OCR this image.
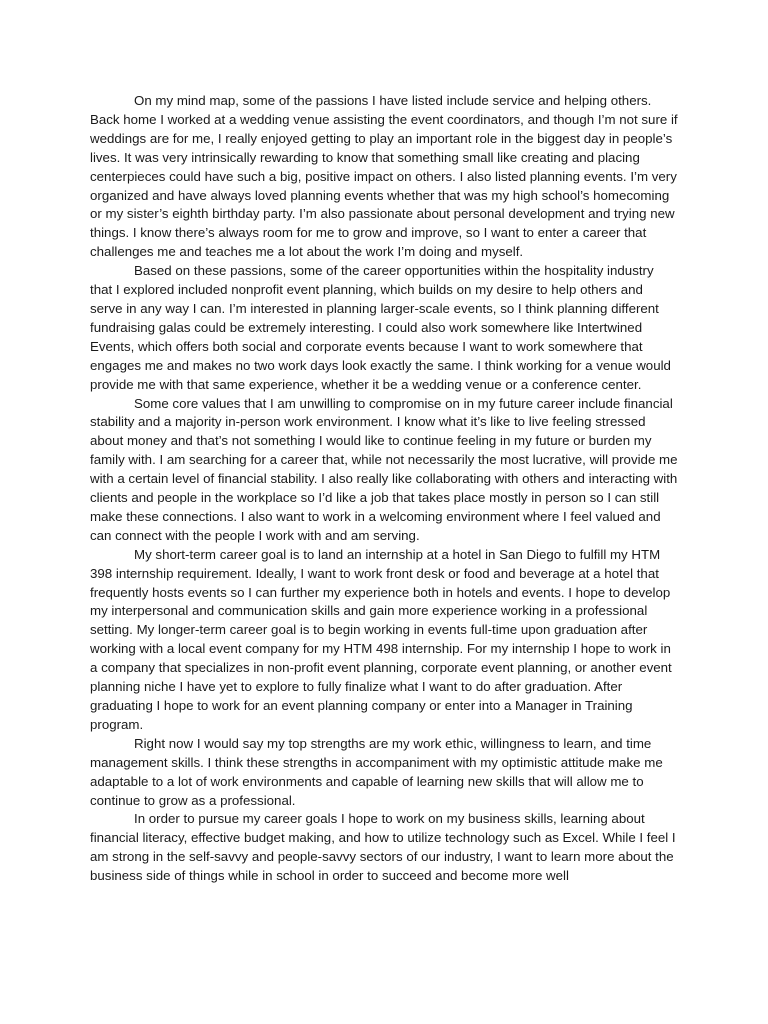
On my mind map, some of the passions I have listed include service and helping others. Back home I worked at a wedding venue assisting the event coordinators, and though I’m not sure if weddings are for me, I really enjoyed getting to play an important role in the biggest day in people’s lives. It was very intrinsically rewarding to know that something small like creating and placing centerpieces could have such a big, positive impact on others. I also listed planning events. I’m very organized and have always loved planning events whether that was my high school’s homecoming or my sister’s eighth birthday party. I’m also passionate about personal development and trying new things. I know there’s always room for me to grow and improve, so I want to enter a career that challenges me and teaches me a lot about the work I’m doing and myself.

Based on these passions, some of the career opportunities within the hospitality industry that I explored included nonprofit event planning, which builds on my desire to help others and serve in any way I can. I’m interested in planning larger-scale events, so I think planning different fundraising galas could be extremely interesting. I could also work somewhere like Intertwined Events, which offers both social and corporate events because I want to work somewhere that engages me and makes no two work days look exactly the same. I think working for a venue would provide me with that same experience, whether it be a wedding venue or a conference center.

Some core values that I am unwilling to compromise on in my future career include financial stability and a majority in-person work environment. I know what it’s like to live feeling stressed about money and that’s not something I would like to continue feeling in my future or burden my family with. I am searching for a career that, while not necessarily the most lucrative, will provide me with a certain level of financial stability. I also really like collaborating with others and interacting with clients and people in the workplace so I’d like a job that takes place mostly in person so I can still make these connections. I also want to work in a welcoming environment where I feel valued and can connect with the people I work with and am serving.

My short-term career goal is to land an internship at a hotel in San Diego to fulfill my HTM 398 internship requirement. Ideally, I want to work front desk or food and beverage at a hotel that frequently hosts events so I can further my experience both in hotels and events. I hope to develop my interpersonal and communication skills and gain more experience working in a professional setting. My longer-term career goal is to begin working in events full-time upon graduation after working with a local event company for my HTM 498 internship. For my internship I hope to work in a company that specializes in non-profit event planning, corporate event planning, or another event planning niche I have yet to explore to fully finalize what I want to do after graduation. After graduating I hope to work for an event planning company or enter into a Manager in Training program.

Right now I would say my top strengths are my work ethic, willingness to learn, and time management skills. I think these strengths in accompaniment with my optimistic attitude make me adaptable to a lot of work environments and capable of learning new skills that will allow me to continue to grow as a professional.

In order to pursue my career goals I hope to work on my business skills, learning about financial literacy, effective budget making, and how to utilize technology such as Excel. While I feel I am strong in the self-savvy and people-savvy sectors of our industry, I want to learn more about the business side of things while in school in order to succeed and become more well
